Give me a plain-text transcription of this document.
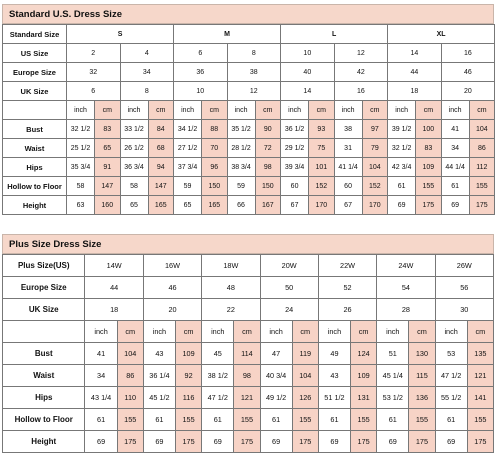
Standard U.S. Dress Size
Standard Size	S				M				L				XL			
US Size	2		4		6		8		10		12		14		16	
Europe Size	32		34		36		38		40		42		44		46	
UK Size	6		8		10		12		14		16		18		20	
	inch	cm	inch	cm	inch	cm	inch	cm	inch	cm	inch	cm	inch	cm	inch	cm
Bust	32 1/2	83	33 1/2	84	34 1/2	88	35 1/2	90	36 1/2	93	38	97	39 1/2	100	41	104
Waist	25 1/2	65	26 1/2	68	27 1/2	70	28 1/2	72	29 1/2	75	31	79	32 1/2	83	34	86
Hips	35 3/4	91	36 3/4	94	37 3/4	96	38 3/4	98	39 3/4	101	41 1/4	104	42 3/4	109	44 1/4	112
Hollow to Floor	58	147	58	147	59	150	59	150	60	152	60	152	61	155	61	155
Height	63	160	65	165	65	165	66	167	67	170	67	170	69	175	69	175
Plus Size Dress Size
Plus Size(US)	14W		16W		18W		20W		22W		24W		26W	
Europe Size	44		46		48		50		52		54		56	
UK Size	18		20		22		24		26		28		30	
	inch	cm	inch	cm	inch	cm	inch	cm	inch	cm	inch	cm	inch	cm
Bust	41	104	43	109	45	114	47	119	49	124	51	130	53	135
Waist	34	86	36 1/4	92	38 1/2	98	40 3/4	104	43	109	45 1/4	115	47 1/2	121
Hips	43 1/4	110	45 1/2	116	47 1/2	121	49 1/2	126	51 1/2	131	53 1/2	136	55 1/2	141
Hollow to Floor	61	155	61	155	61	155	61	155	61	155	61	155	61	155
Height	69	175	69	175	69	175	69	175	69	175	69	175	69	175
